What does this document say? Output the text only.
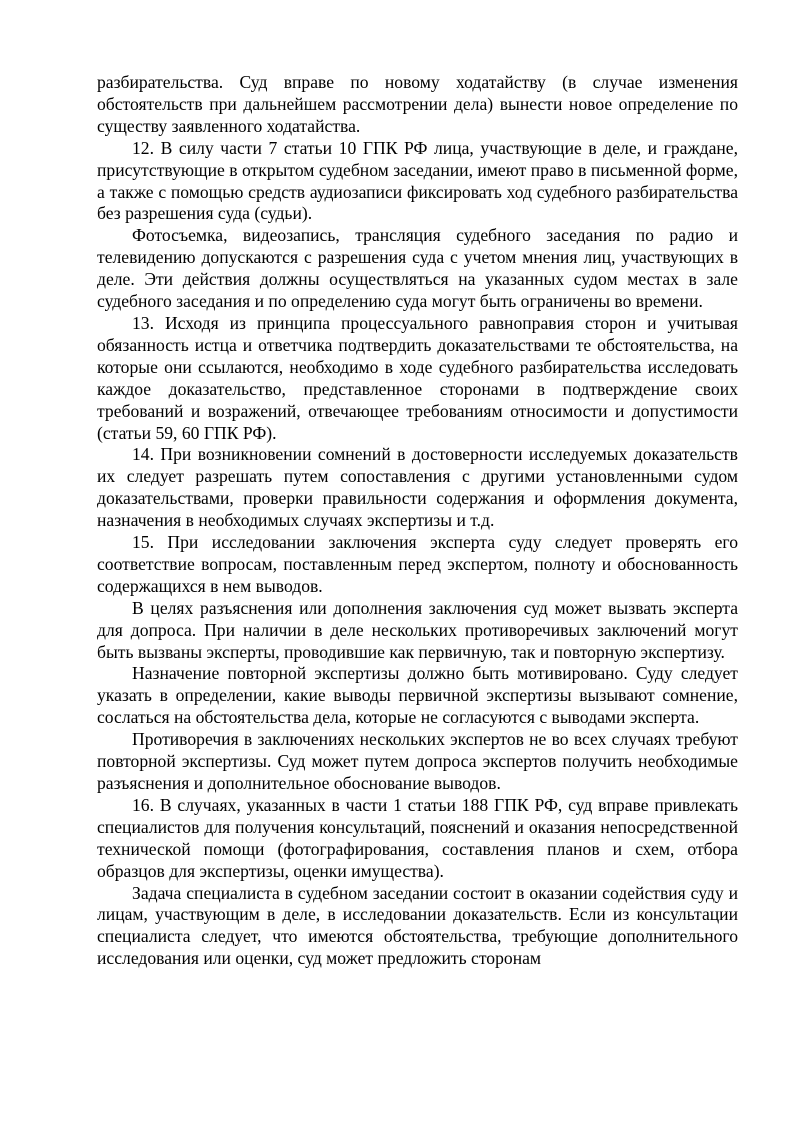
разбирательства. Суд вправе по новому ходатайству (в случае изменения обстоятельств при дальнейшем рассмотрении дела) вынести новое определение по существу заявленного ходатайства.

12. В силу части 7 статьи 10 ГПК РФ лица, участвующие в деле, и граждане, присутствующие в открытом судебном заседании, имеют право в письменной форме, а также с помощью средств аудиозаписи фиксировать ход судебного разбирательства без разрешения суда (судьи).

Фотосъемка, видеозапись, трансляция судебного заседания по радио и телевидению допускаются с разрешения суда с учетом мнения лиц, участвующих в деле. Эти действия должны осуществляться на указанных судом местах в зале судебного заседания и по определению суда могут быть ограничены во времени.

13. Исходя из принципа процессуального равноправия сторон и учитывая обязанность истца и ответчика подтвердить доказательствами те обстоятельства, на которые они ссылаются, необходимо в ходе судебного разбирательства исследовать каждое доказательство, представленное сторонами в подтверждение своих требований и возражений, отвечающее требованиям относимости и допустимости (статьи 59, 60 ГПК РФ).

14. При возникновении сомнений в достоверности исследуемых доказательств их следует разрешать путем сопоставления с другими установленными судом доказательствами, проверки правильности содержания и оформления документа, назначения в необходимых случаях экспертизы и т.д.

15. При исследовании заключения эксперта суду следует проверять его соответствие вопросам, поставленным перед экспертом, полноту и обоснованность содержащихся в нем выводов.

В целях разъяснения или дополнения заключения суд может вызвать эксперта для допроса. При наличии в деле нескольких противоречивых заключений могут быть вызваны эксперты, проводившие как первичную, так и повторную экспертизу.

Назначение повторной экспертизы должно быть мотивировано. Суду следует указать в определении, какие выводы первичной экспертизы вызывают сомнение, сослаться на обстоятельства дела, которые не согласуются с выводами эксперта.

Противоречия в заключениях нескольких экспертов не во всех случаях требуют повторной экспертизы. Суд может путем допроса экспертов получить необходимые разъяснения и дополнительное обоснование выводов.

16. В случаях, указанных в части 1 статьи 188 ГПК РФ, суд вправе привлекать специалистов для получения консультаций, пояснений и оказания непосредственной технической помощи (фотографирования, составления планов и схем, отбора образцов для экспертизы, оценки имущества).

Задача специалиста в судебном заседании состоит в оказании содействия суду и лицам, участвующим в деле, в исследовании доказательств. Если из консультации специалиста следует, что имеются обстоятельства, требующие дополнительного исследования или оценки, суд может предложить сторонам
